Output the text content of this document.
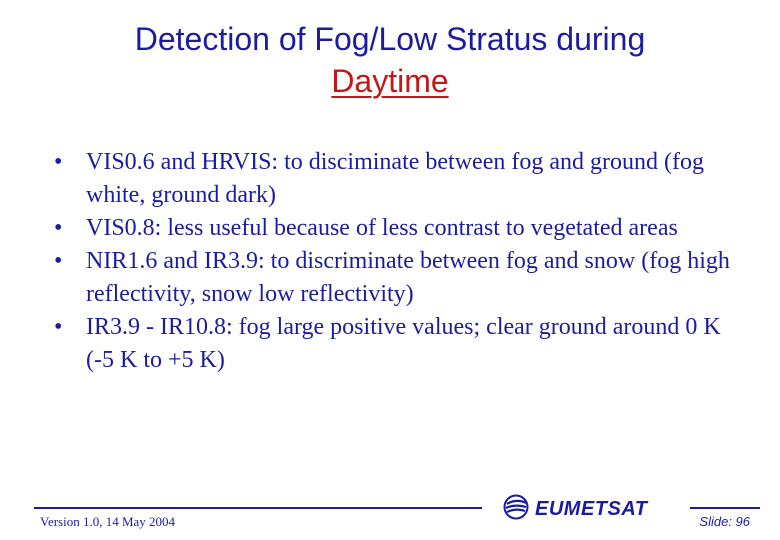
Detection of Fog/Low Stratus during
Daytime
• VIS0.6 and HRVIS: to disciminate between fog and ground (fog white, ground dark)
• VIS0.8: less useful because of less contrast to vegetated areas
• NIR1.6 and IR3.9: to discriminate between fog and snow (fog high reflectivity, snow low reflectivity)
• IR3.9 - IR10.8: fog large positive values; clear ground around 0 K (-5 K to +5 K)
Version 1.0, 14 May 2004
EUMETSAT
Slide: 96
